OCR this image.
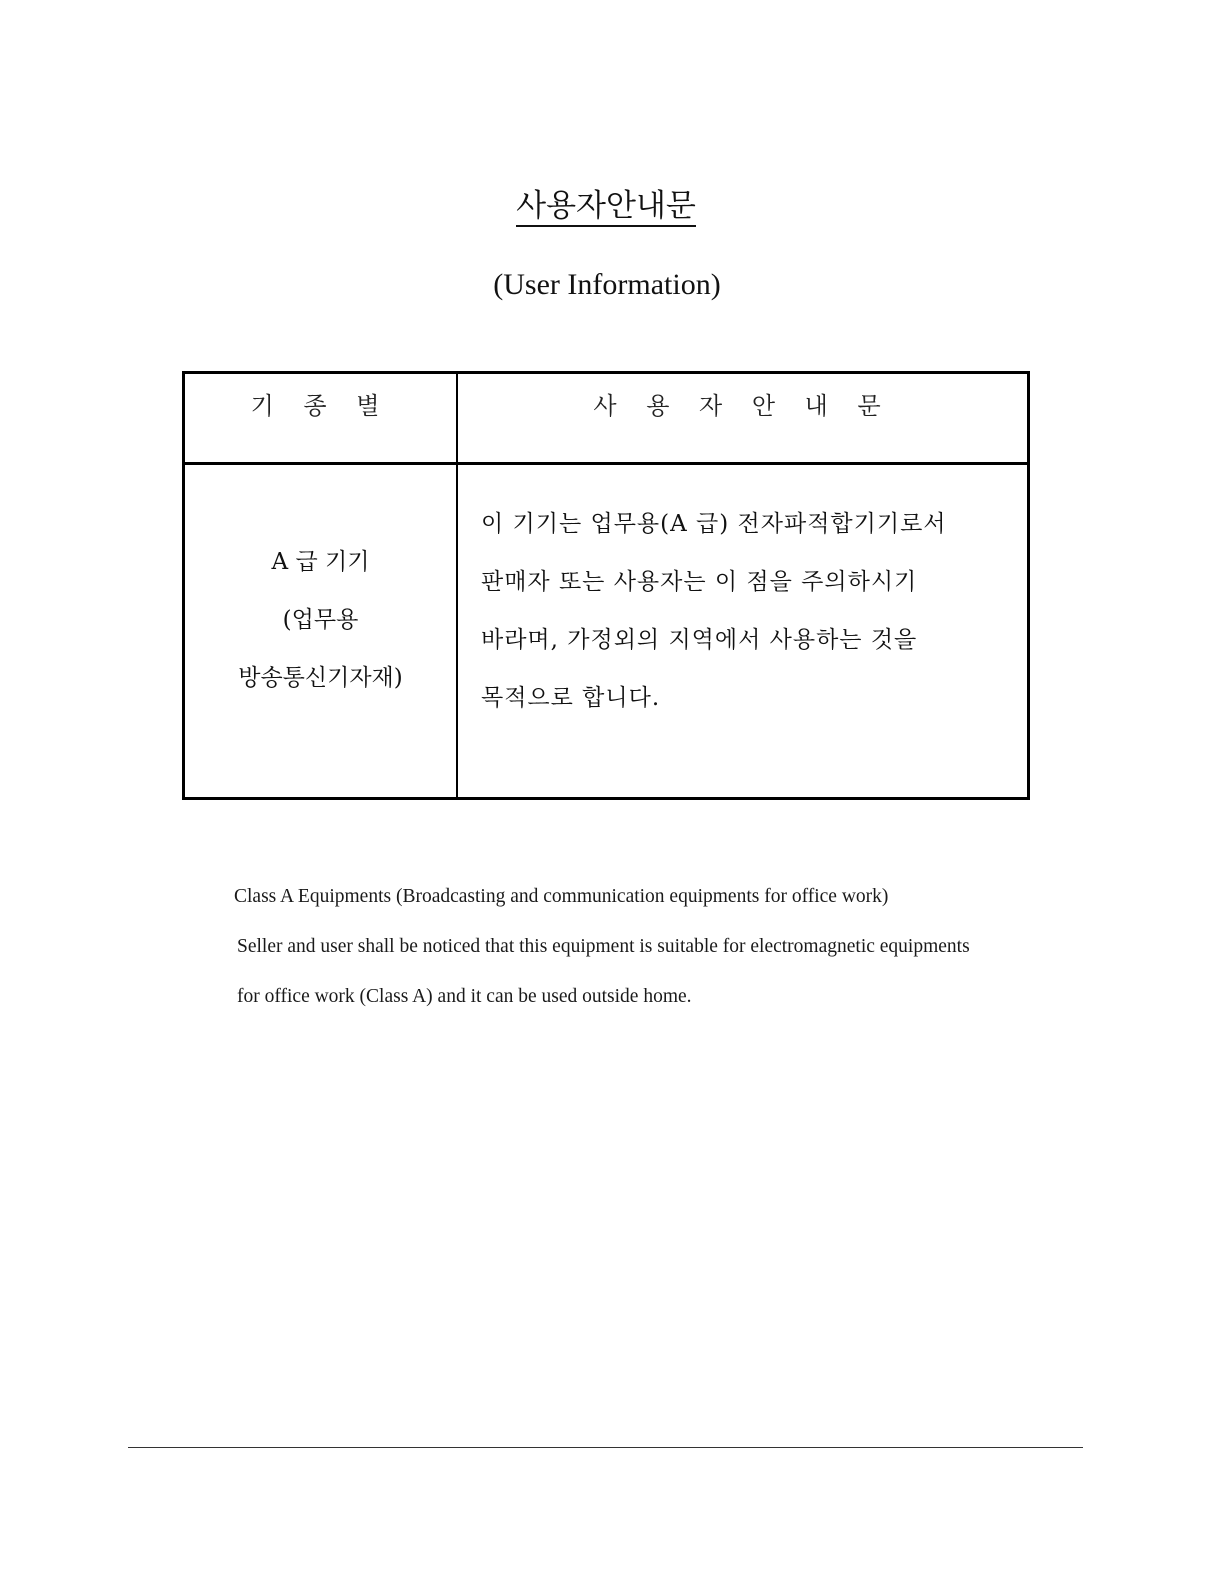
사용자안내문
(User Information)
기 종 별	사 용 자 안 내 문
A 급 기기
(업무용
방송통신기자재)
이 기기는 업무용(A 급) 전자파적합기기로서
판매자 또는 사용자는 이 점을 주의하시기
바라며, 가정외의 지역에서 사용하는 것을
목적으로 합니다.
Class A Equipments (Broadcasting and communication equipments for office work)
Seller and user shall be noticed that this equipment is suitable for electromagnetic equipments
for office work (Class A) and it can be used outside home.
